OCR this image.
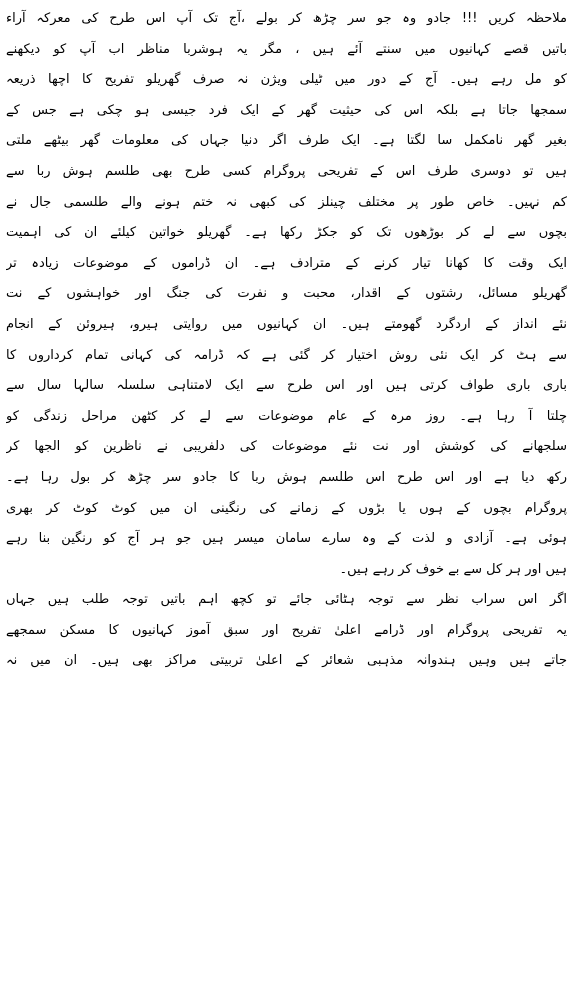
ملاحظہ کریں !!! جادو وہ جو سر چڑھ کر بولے ،آج تک آپ اس طرح کی معرکہ آراء
باتیں قصے کہانیوں میں سنتے آئے ہیں ، مگر یہ ہوشربا مناظر اب آپ کو دیکھنے
کو مل رہے ہیں۔ آج کے دور میں ٹیلی ویژن نہ صرف گھریلو تفریح کا اچھا ذریعہ
سمجھا جاتا ہے بلکہ اس کی حیثیت گھر کے ایک فرد جیسی ہو چکی ہے جس کے
بغیر گھر نامکمل سا لگتا ہے۔ ایک طرف اگر دنیا جہاں کی معلومات گھر بیٹھے ملتی
ہیں تو دوسری طرف اس کے تفریحی پروگرام کسی طرح بھی طلسم ہوش ربا سے
کم نہیں۔ خاص طور پر مختلف چینلز کی کبھی نہ ختم ہونے والے طلسمی جال نے
بچوں سے لے کر بوڑھوں تک کو جکڑ رکھا ہے۔ گھریلو خواتین کیلئے ان کی اہمیت
ایک وقت کا کھانا تیار کرنے کے مترادف ہے۔ ان ڈراموں کے موضوعات زیادہ تر
گھریلو مسائل، رشتوں کے اقدار، محبت و نفرت کی جنگ اور خواہشوں کے نت
نئے انداز کے اردگرد گھومتے ہیں۔ ان کہانیوں میں روایتی ہیرو، ہیروئن کے انجام
سے ہٹ کر ایک نئی روش اختیار کر گئی ہے کہ ڈرامہ کی کہانی تمام کرداروں کا
باری باری طواف کرتی ہیں اور اس طرح سے ایک لامتناہی سلسلہ سالہا سال سے
چلتا آ رہا ہے۔ روز مرہ کے عام موضوعات سے لے کر کٹھن مراحل زندگی کو
سلجھانے کی کوشش اور نت نئے موضوعات کی دلفریبی نے ناظرین کو الجھا کر
رکھ دیا ہے اور اس طرح اس طلسم ہوش ربا کا جادو سر چڑھ کر بول رہا ہے۔
پروگرام بچوں کے ہوں یا بڑوں کے زمانے کی رنگینی ان میں کوٹ کوٹ کر بھری
ہوئی ہے۔ آزادی و لذت کے وہ سارے سامان میسر ہیں جو ہر آج کو رنگین بنا رہے
ہیں اور ہر کل سے بے خوف کر رہے ہیں۔
اگر اس سراب نظر سے توجہ ہٹائی جائے تو کچھ اہم باتیں توجہ طلب ہیں جہاں
یہ تفریحی پروگرام اور ڈرامے اعلیٰ تفریح اور سبق آموز کہانیوں کا مسکن سمجھے
جاتے ہیں وہیں ہندوانہ مذہبی شعائر کے اعلیٰ تربیتی مراکز بھی ہیں۔ ان میں نہ
